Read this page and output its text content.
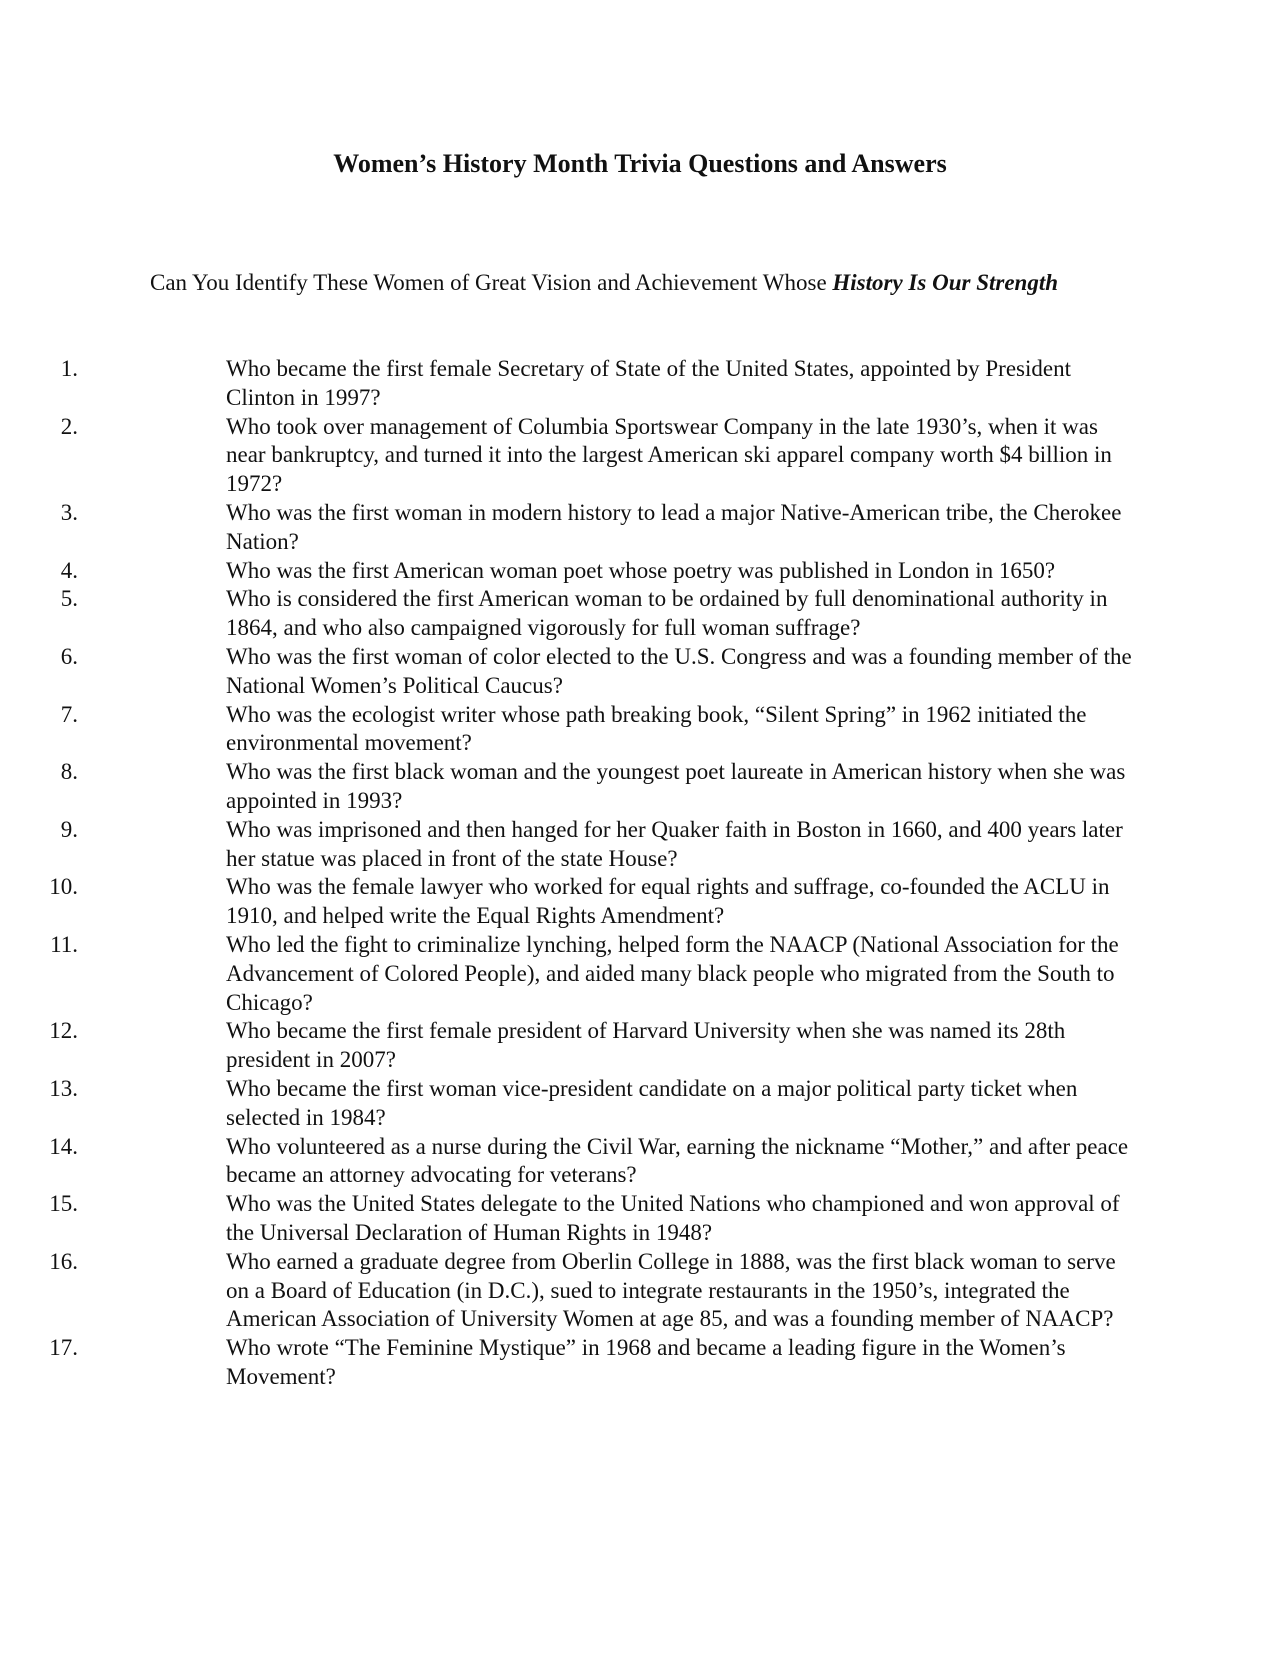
Women’s History Month Trivia Questions and Answers

Can You Identify These Women of Great Vision and Achievement Whose History Is Our Strength

1.	Who became the first female Secretary of State of the United States, appointed by President Clinton in 1997?
2.	Who took over management of Columbia Sportswear Company in the late 1930’s, when it was near bankruptcy, and turned it into the largest American ski apparel company worth $4 billion in 1972?
3.	Who was the first woman in modern history to lead a major Native-American tribe, the Cherokee Nation?
4.	Who was the first American woman poet whose poetry was published in London in 1650?
5.	Who is considered the first American woman to be ordained by full denominational authority in 1864, and who also campaigned vigorously for full woman suffrage?
6.	Who was the first woman of color elected to the U.S. Congress and was a founding member of the National Women’s Political Caucus?
7.	Who was the ecologist writer whose path breaking book, “Silent Spring” in 1962 initiated the environmental movement?
8.	Who was the first black woman and the youngest poet laureate in American history when she was appointed in 1993?
9.	Who was imprisoned and then hanged for her Quaker faith in Boston in 1660, and 400 years later her statue was placed in front of the state House?
10.	Who was the female lawyer who worked for equal rights and suffrage, co-founded the ACLU in 1910, and helped write the Equal Rights Amendment?
11.	Who led the fight to criminalize lynching, helped form the NAACP (National Association for the Advancement of Colored People), and aided many black people who migrated from the South to Chicago?
12.	Who became the first female president of Harvard University when she was named its 28th president in 2007?
13.	Who became the first woman vice-president candidate on a major political party ticket when selected in 1984?
14.	Who volunteered as a nurse during the Civil War, earning the nickname “Mother,” and after peace became an attorney advocating for veterans?
15.	Who was the United States delegate to the United Nations who championed and won approval of the Universal Declaration of Human Rights in 1948?
16.	Who earned a graduate degree from Oberlin College in 1888, was the first black woman to serve on a Board of Education (in D.C.), sued to integrate restaurants in the 1950’s, integrated the American Association of University Women at age 85, and was a founding member of NAACP?
17.	Who wrote “The Feminine Mystique” in 1968 and became a leading figure in the Women’s Movement?
